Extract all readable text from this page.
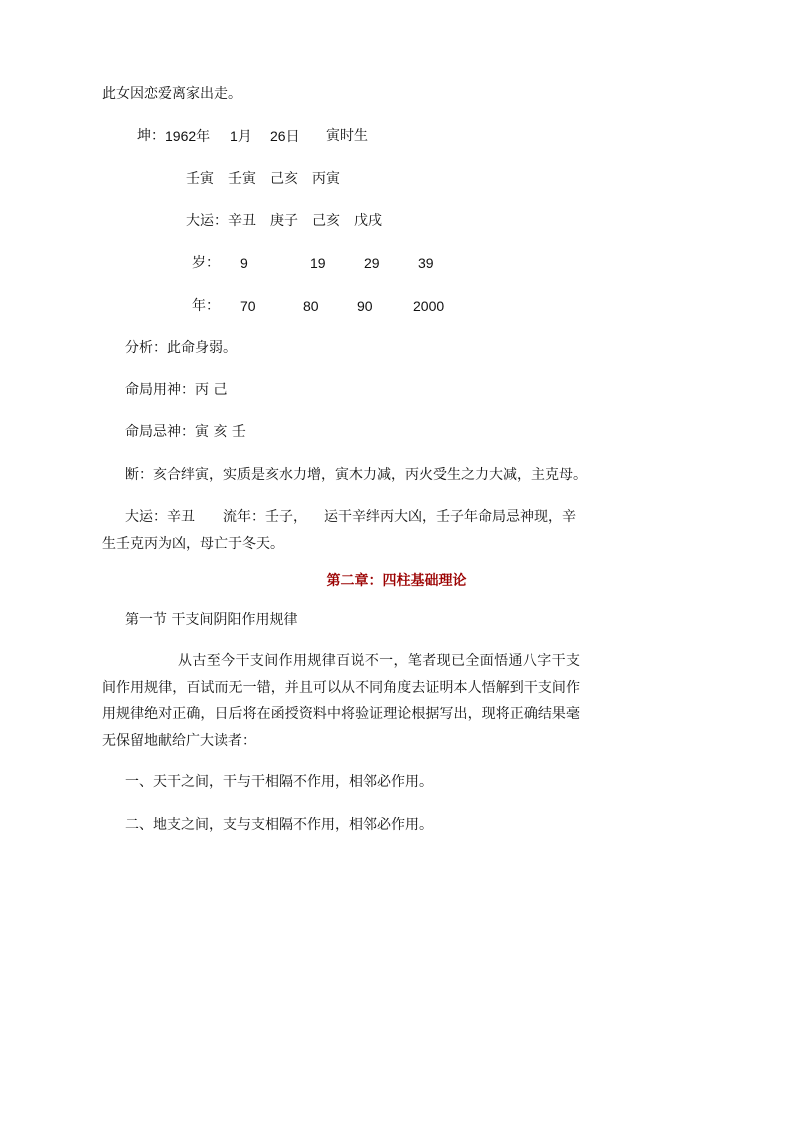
此女因恋爱离家出走。
坤： 1962年 1月 26日 寅时生
壬寅　壬寅　己亥　丙寅
大运：辛丑　庚子　己亥　戊戌
岁： 9	19	29	39
年： 70	80	90	2000
分析：此命身弱。
命局用神：丙 己
命局忌神：寅 亥 壬
断：亥合绊寅，实质是亥水力增，寅木力减，丙火受生之力大减，主克母。
大运：辛丑　　流年：壬子， 运干辛绊丙大凶，壬子年命局忌神现，辛
生壬克丙为凶，母亡于冬天。
第二章：四柱基础理论
第一节 干支间阴阳作用规律
从古至今干支间作用规律百说不一，笔者现已全面悟通八字干支间作用规律，百试而无一错，并且可以从不同角度去证明本人悟解到干支间作用规律绝对正确，日后将在函授资料中将验证理论根据写出，现将正确结果毫无保留地献给广大读者：
一、天干之间，干与干相隔不作用，相邻必作用。
二、地支之间，支与支相隔不作用，相邻必作用。
